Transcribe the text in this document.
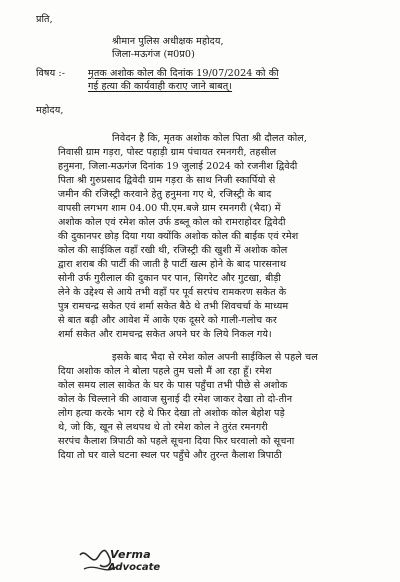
प्रति,
श्रीमान पुलिस अधीक्षक महोदय,
जिला-मऊगंज (म0प्र0)
विषय :- मृतक अशोक कोल की दिनांक 19/07/2024 को की
गई हत्या की कार्यवाही कराए जाने बाबत्।
महोदय,
निवेदन है कि, मृतक अशोक कोल पिता श्री दौलत कोल,
निवासी ग्राम गड़रा, पोस्ट पहाड़ी ग्राम पंचायत रमनगरी, तहसील
हनुमना, जिला-मऊगंज दिनांक 19 जुलाई 2024 को रजनीश द्विवेदी
पिता श्री गुरुप्रसाद द्विवेदी ग्राम गड़रा के साथ निजी स्कार्पियो से
जमीन की रजिस्ट्री करवाने हेतु हनुमना गए थे, रजिस्ट्री के बाद
वापसी लगभग शाम 04.00 पी.एम.बजे ग्राम रमनगरी (भैदा) में
अशोक कोल एवं रमेश कोल उर्फ डब्लू कोल को रामराहोदर द्विवेदी
की दुकानपर छोड़ दिया गया क्योंकि अशोक कोल की बाईक एवं रमेश
कोल की साईकिल वहाँ रखी थी, रजिस्ट्री की खुशी में अशोक कोल
द्वारा शराब की पार्टी की जाती है पार्टी खत्म होने के बाद पारसनाथ
सोनी उर्फ गुरीलाल की दुकान पर पान, सिगरेट और गुटखा, बीड़ी
लेने के उद्देश्य से आये तभी वहाँ पर पूर्व सरपंच रामकरण सकेत के
पुत्र रामचन्द्र सकेत एवं शर्मा सकेत बैठे थे तभी शिवचर्चा के माध्यम
से बात बढ़ी और आवेश में आके एक दूसरे को गाली-गलोच कर
शर्मा सकेत और रामचन्द्र सकेत अपने घर के लिये निकल गये।
इसके बाद भैदा से रमेश कोल अपनी साईकिल से पहले चल
दिया अशोक कोल ने बोला पहले तुम चलो मैं आ रहा हूँ। रमेश
कोल समय लाल साकेत के घर के पास पहुँचा तभी पीछे से अशोक
कोल के चिल्लाने की आवाज सुनाई दी रमेश जाकर देखा तो दो-तीन
लोग हत्या करके भाग रहे थे फिर देखा तो अशोक कोल बेहोश पड़े
थे, जो कि, खून से लथपथ थे तो रमेश कोल ने तुरंत रमनगरी
सरपंच कैलाश त्रिपाठी को पहले सूचना दिया फिर घरवालो को सूचना
दिया तो घर वाले घटना स्थल पर पहुँचे और तुरन्त कैलाश त्रिपाठी
Verma
Advocate
